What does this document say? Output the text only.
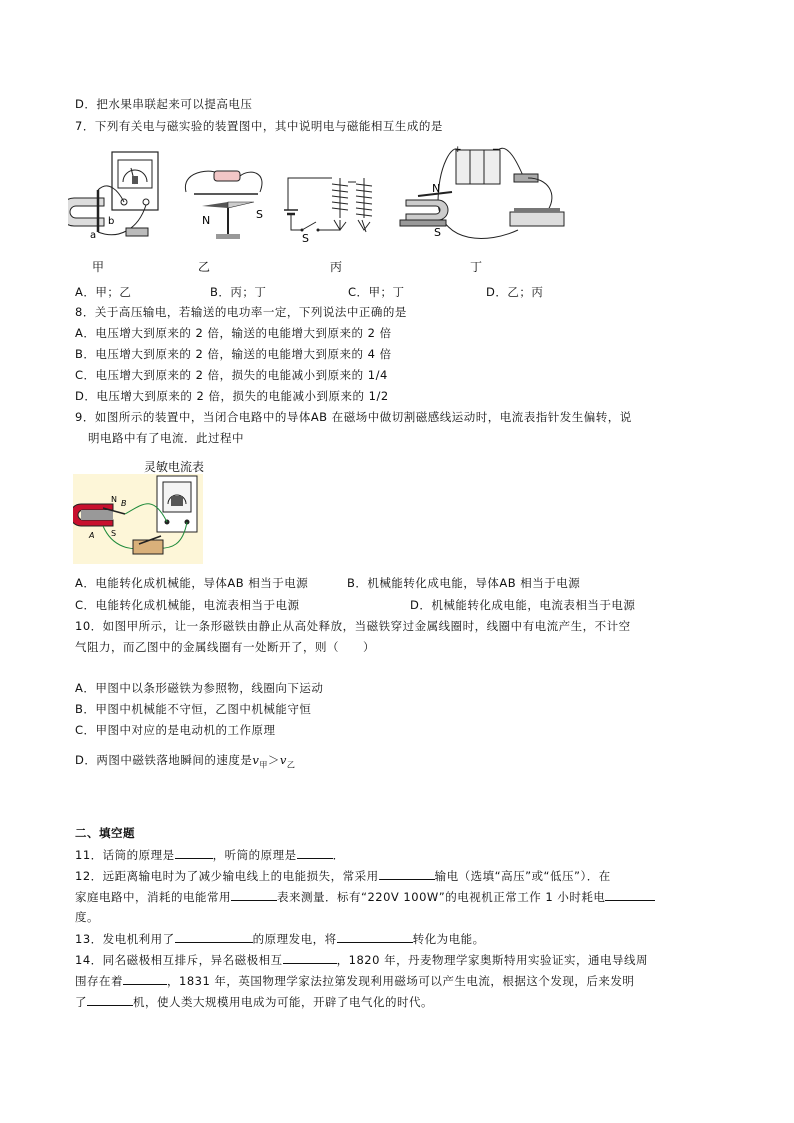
D．把水果串联起来可以提高电压
7．下列有关电与磁实验的装置图中，其中说明电与磁能相互生成的是
a
b
甲
N	S
乙
S
丙
+	−
N
S
丁
A．甲；乙	B．丙；丁	C．甲；丁	D．乙；丙
8．关于高压输电，若输送的电功率一定，下列说法中正确的是
A．电压增大到原来的 2 倍，输送的电能增大到原来的 2 倍
B．电压增大到原来的 2 倍，输送的电能增大到原来的 4 倍
C．电压增大到原来的 2 倍，损失的电能减小到原来的 1/4
D．电压增大到原来的 2 倍，损失的电能减小到原来的 1/2
9．如图所示的装置中，当闭合电路中的导体AB 在磁场中做切割磁感线运动时，电流表指针发生偏转，说
明电路中有了电流．此过程中
灵敏电流表
N
S
A
B
A．电能转化成机械能，导体AB 相当于电源	B．机械能转化成电能，导体AB 相当于电源
C．电能转化成机械能，电流表相当于电源	D．机械能转化成电能，电流表相当于电源
10．如图甲所示，让一条形磁铁由静止从高处释放，当磁铁穿过金属线圈时，线圈中有电流产生，不计空
气阻力，而乙图中的金属线圈有一处断开了，则（　　）
A．甲图中以条形磁铁为参照物，线圈向下运动
B．甲图中机械能不守恒，乙图中机械能守恒
C．甲图中对应的是电动机的工作原理
D．两图中磁铁落地瞬间的速度是$v_甲>v_乙$
二、填空题
11．话筒的原理是	，听筒的原理是	．
12．远距离输电时为了减少输电线上的电能损失，常采用	输电（选填“高压”或“低压”）．在
家庭电路中，消耗的电能常用	表来测量．标有“220V 100W”的电视机正常工作 1 小时耗电
度。
13．发电机利用了	的原理发电，将	转化为电能。
14．同名磁极相互排斥，异名磁极相互	，1820 年，丹麦物理学家奥斯特用实验证实，通电导线周
围存在着	，1831 年，英国物理学家法拉第发现利用磁场可以产生电流，根据这个发现，后来发明
了	机，使人类大规模用电成为可能，开辟了电气化的时代。
